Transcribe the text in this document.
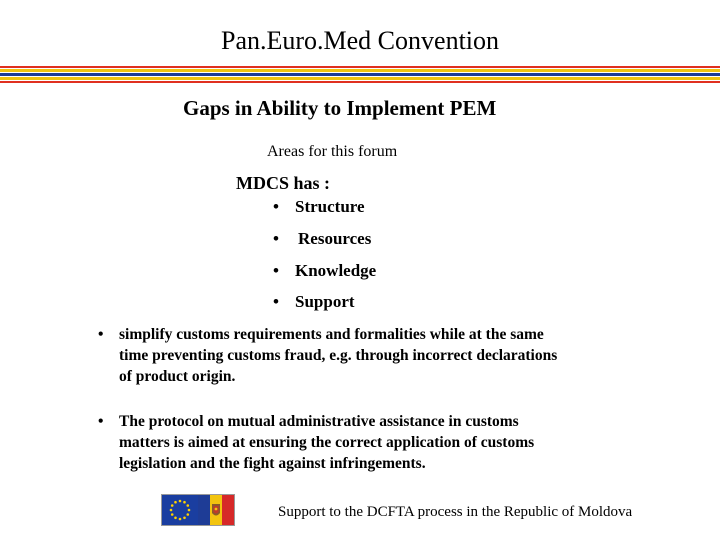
Pan.Euro.Med Convention
Gaps in Ability to Implement PEM
Areas for this forum
MDCS has :
• Structure
• Resources
• Knowledge
• Support
• simplify customs requirements and formalities while at the same
time preventing customs fraud, e.g. through incorrect declarations
of product origin.
• The protocol on mutual administrative assistance in customs
matters is aimed at ensuring the correct application of customs
legislation and the fight against infringements.
Support to the DCFTA process in the Republic of Moldova
